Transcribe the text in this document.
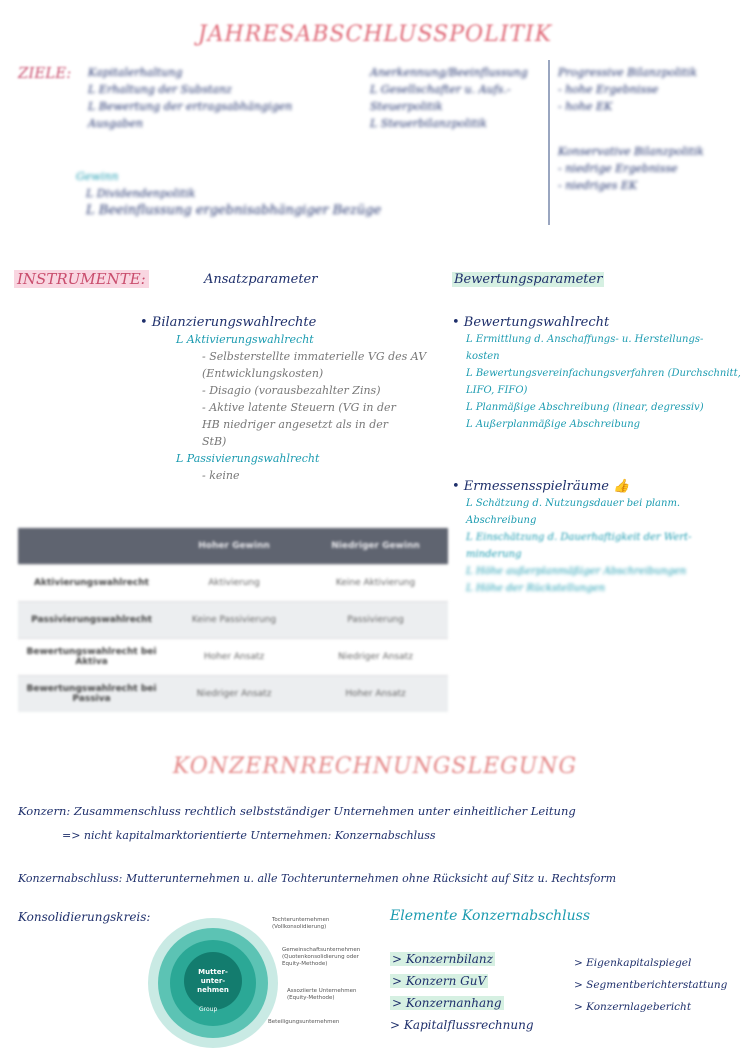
JAHRESABSCHLUSSPOLITIK
ZIELE: Kapitalerhaltung
L Erhaltung der Substanz
L Bewertung der ertragsabhängigen
Ausgaben
Gewinn
L Dividendenpolitik
L Beeinflussung ergebnisabhängiger Bezüge
Anerkennung/Beeinflussung
L Gesellschafter u. Aufs.-
Steuerpolitik
L Steuerbilanzpolitik
Progressive Bilanzpolitik
- hohe Ergebnisse
- hohe EK
Konservative Bilanzpolitik
- niedrige Ergebnisse
- niedriges EK
INSTRUMENTE:	Ansatzparameter	Bewertungsparameter
• Bilanzierungswahlrechte
L Aktivierungswahlrecht
- Selbsterstellte immaterielle VG des AV
(Entwicklungskosten)
- Disagio (vorausbezahlter Zins)
- Aktive latente Steuern (VG in der
HB niedriger angesetzt als in der
StB)
L Passivierungswahlrecht
- keine
• Bewertungswahlrecht
L Ermittlung d. Anschaffungs- u. Herstellungs-
kosten
L Bewertungsvereinfachungsverfahren (Durchschnitt,
LIFO, FIFO)
L Planmäßige Abschreibung (linear, degressiv)
L Außerplanmäßige Abschreibung
• Ermessensspielräume 👍
L Schätzung d. Nutzungsdauer bei planm.
Abschreibung
L Einschätzung d. Dauerhaftigkeit der Wert-
minderung
L Höhe außerplanmäßiger Abschreibungen
L Höhe der Rückstellungen
	Hoher Gewinn	Niedriger Gewinn
Aktivierungswahlrecht	Aktivierung	Keine Aktivierung
Passivierungswahlrecht	Keine Passivierung	Passivierung
Bewertungswahlrecht bei Aktiva	Hoher Ansatz	Niedriger Ansatz
Bewertungswahlrecht bei Passiva	Niedriger Ansatz	Hoher Ansatz
KONZERNRECHNUNGSLEGUNG
Konzern: Zusammenschluss rechtlich selbstständiger Unternehmen unter einheitlicher Leitung
=> nicht kapitalmarktorientierte Unternehmen: Konzernabschluss
Konzernabschluss: Mutterunternehmen u. alle Tochterunternehmen ohne Rücksicht auf Sitz u. Rechtsform
Konsolidierungskreis:
Mutter-
unter-
nehmen
Group
Tochterunternehmen
(Vollkonsolidierung)
Gemeinschaftsunternehmen
(Quotenkonsolidierung oder
Equity-Methode)
Assoziierte Unternehmen
(Equity-Methode)
Beteiligungsunternehmen
Elemente Konzernabschluss
> Konzernbilanz
> Konzern GuV
> Konzernanhang
> Kapitalflussrechnung
> Eigenkapitalspiegel
> Segmentberichterstattung
> Konzernlagebericht
